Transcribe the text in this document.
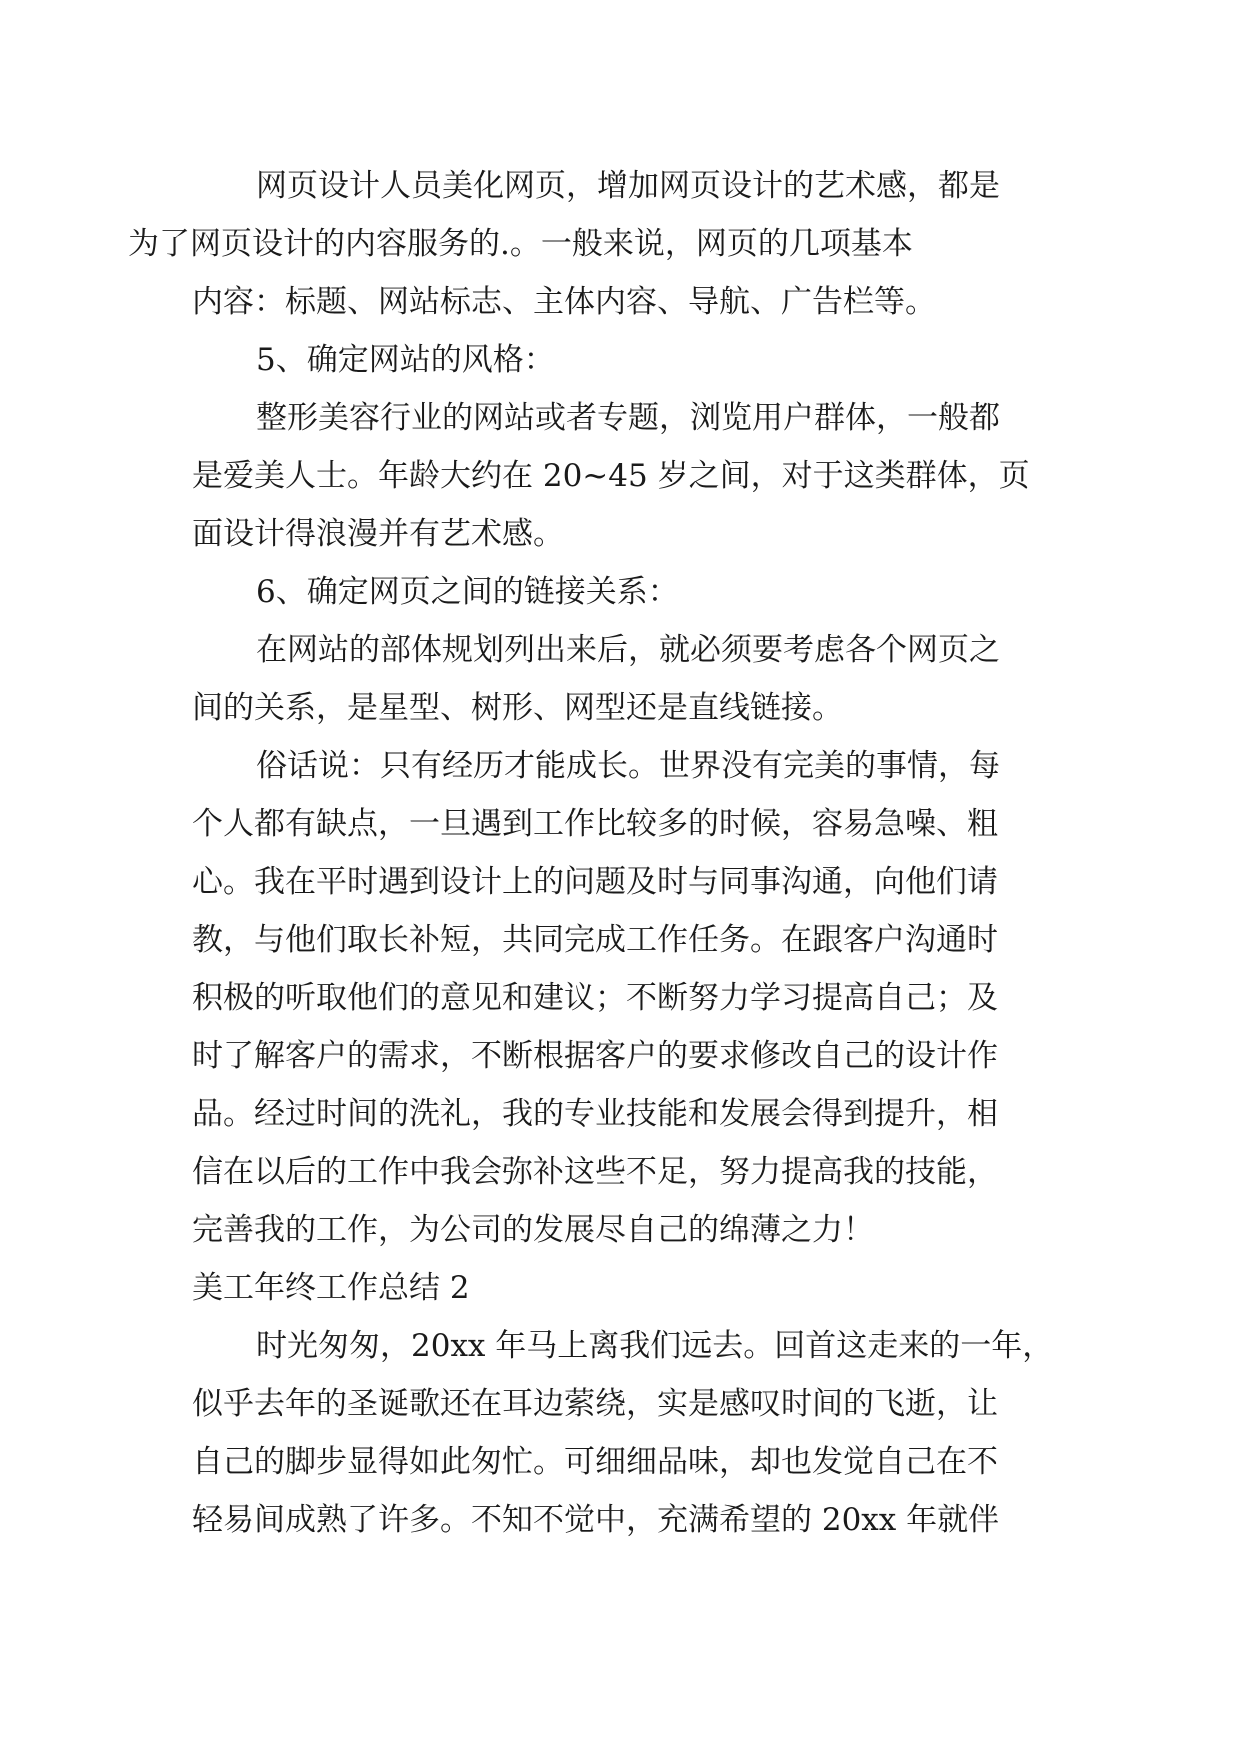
网页设计人员美化网页，增加网页设计的艺术感，都是
为了网页设计的内容服务的.。一般来说，网页的几项基本
内容：标题、网站标志、主体内容、导航、广告栏等。

5、确定网站的风格：

整形美容行业的网站或者专题，浏览用户群体，一般都
是爱美人士。年龄大约在 20~45 岁之间，对于这类群体，页
面设计得浪漫并有艺术感。

6、确定网页之间的链接关系：

在网站的部体规划列出来后，就必须要考虑各个网页之
间的关系，是星型、树形、网型还是直线链接。

俗话说：只有经历才能成长。世界没有完美的事情，每
个人都有缺点，一旦遇到工作比较多的时候，容易急噪、粗
心。我在平时遇到设计上的问题及时与同事沟通，向他们请
教，与他们取长补短，共同完成工作任务。在跟客户沟通时
积极的听取他们的意见和建议；不断努力学习提高自己；及
时了解客户的需求，不断根据客户的要求修改自己的设计作
品。经过时间的洗礼，我的专业技能和发展会得到提升，相
信在以后的工作中我会弥补这些不足，努力提高我的技能，
完善我的工作，为公司的发展尽自己的绵薄之力！

美工年终工作总结 2

时光匆匆，20xx 年马上离我们远去。回首这走来的一年，
似乎去年的圣诞歌还在耳边萦绕，实是感叹时间的飞逝，让
自己的脚步显得如此匆忙。可细细品味，却也发觉自己在不
轻易间成熟了许多。不知不觉中，充满希望的 20xx 年就伴
